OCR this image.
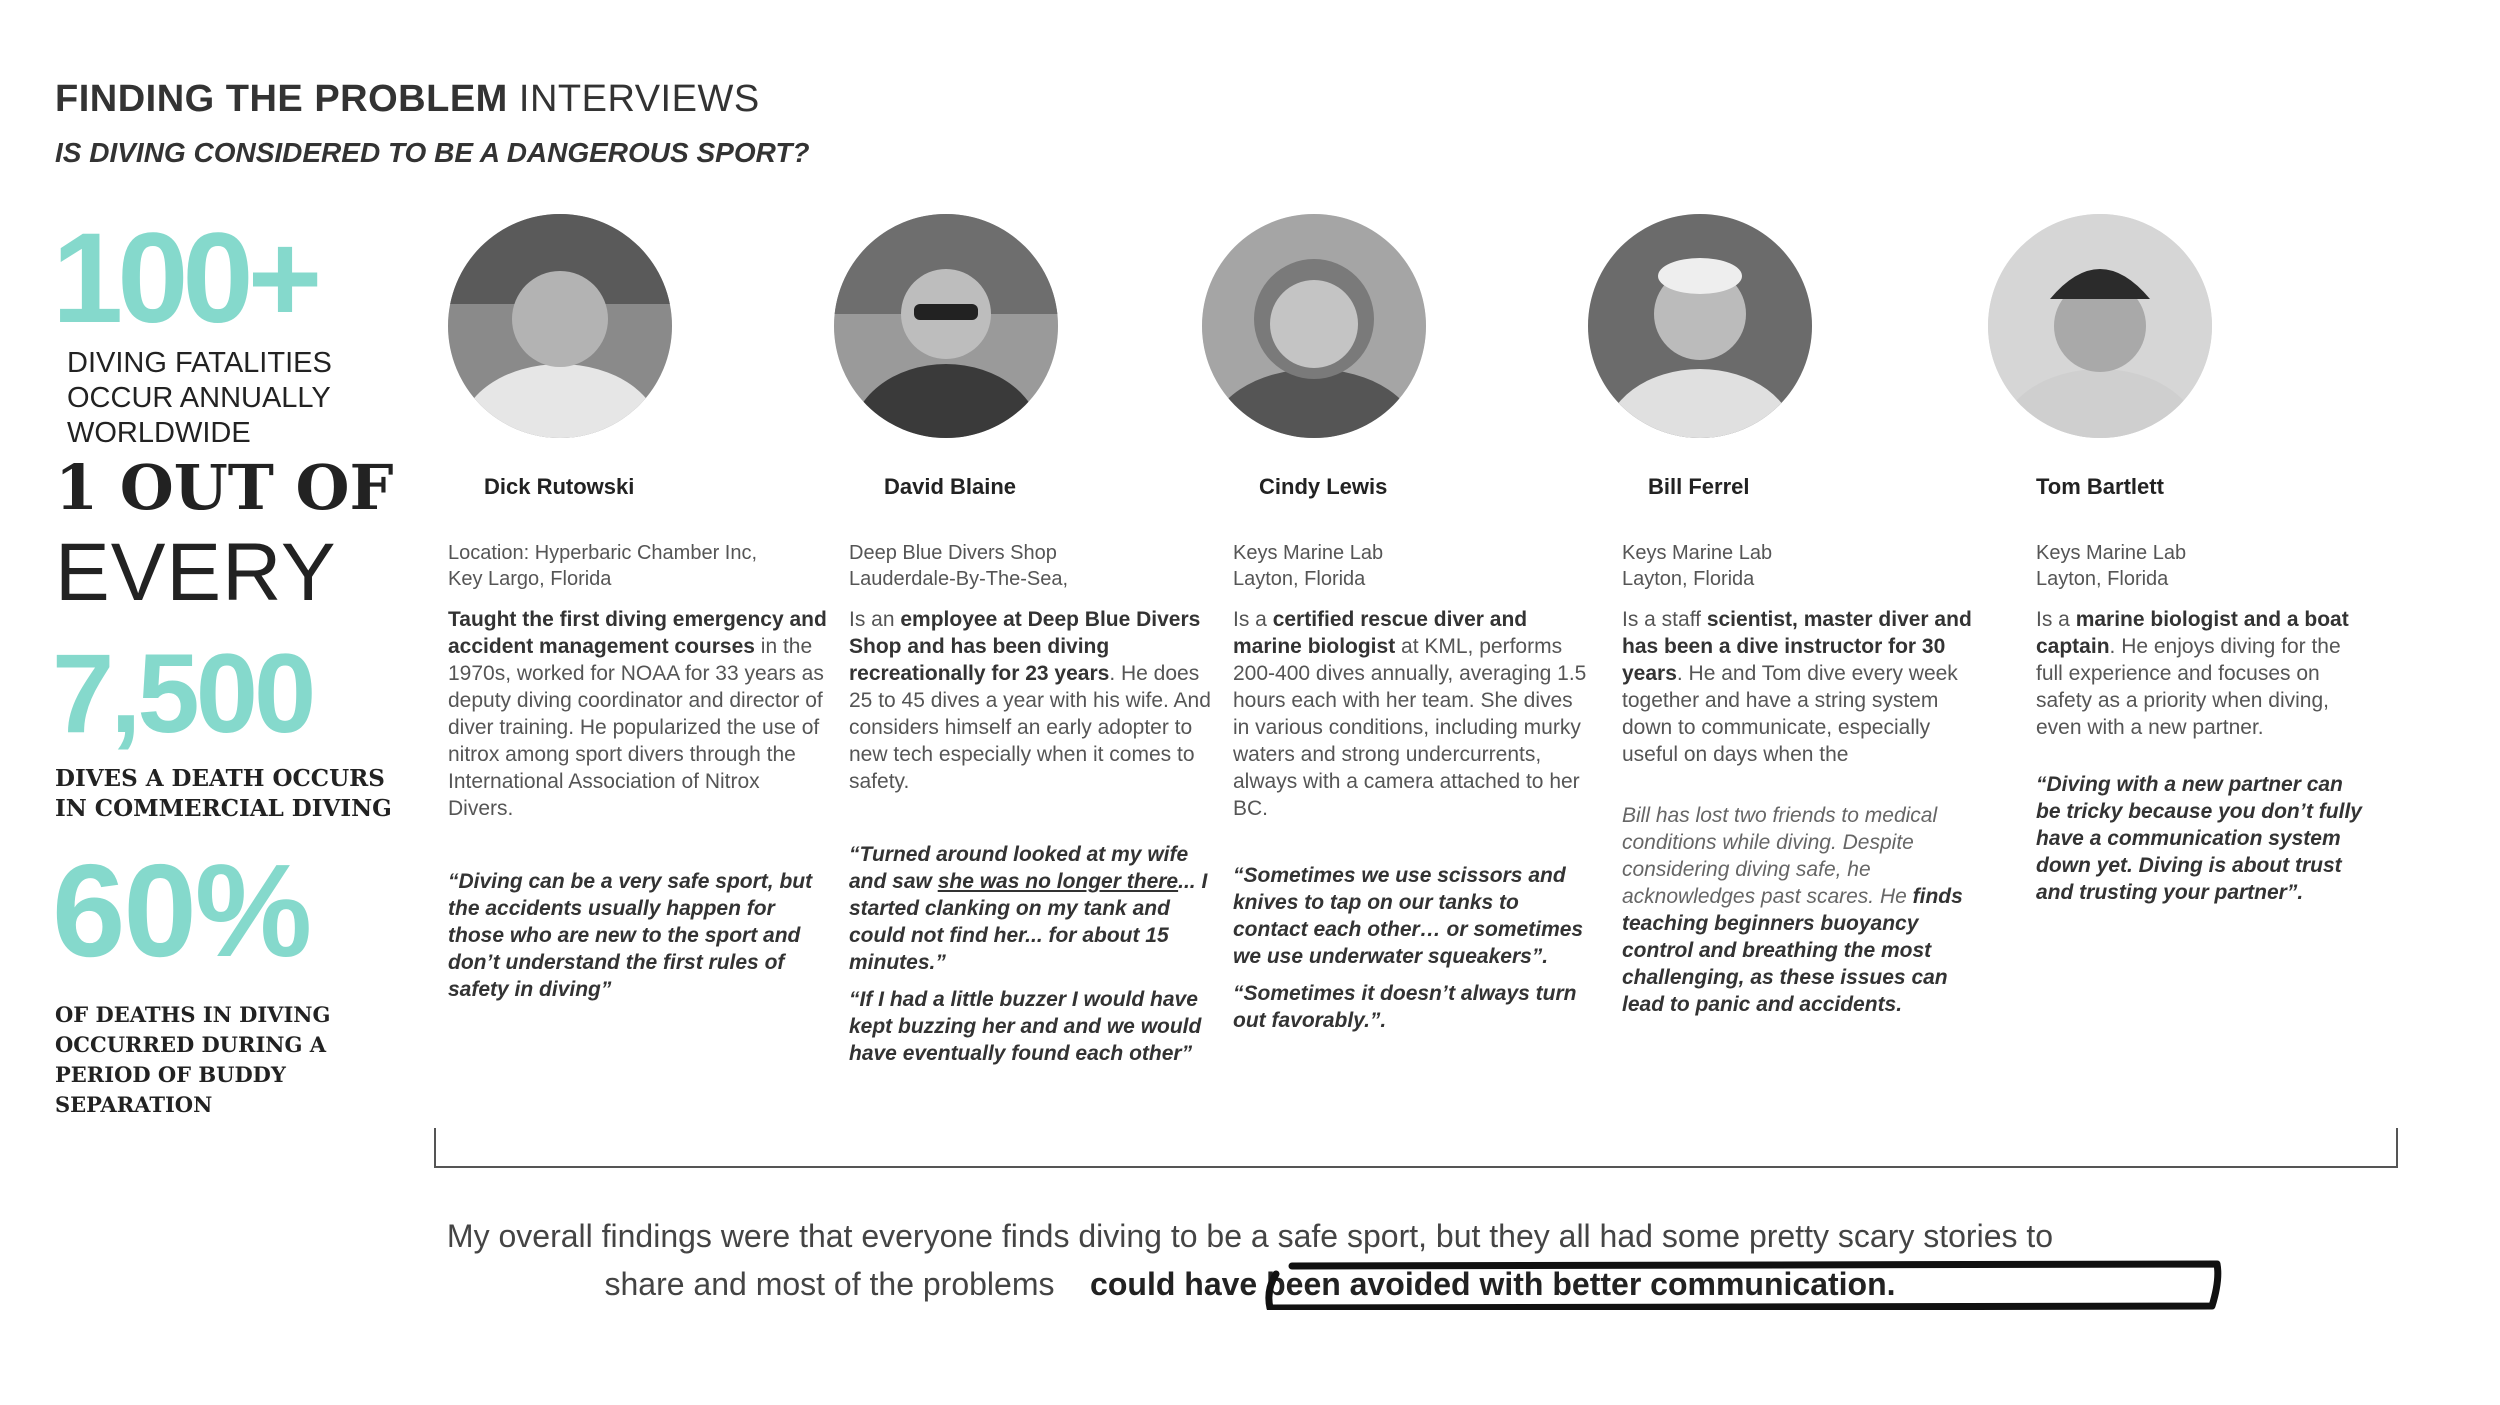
FINDING THE PROBLEM INTERVIEWS
IS DIVING CONSIDERED TO BE A DANGEROUS SPORT?
100+
DIVING FATALITIES
OCCUR ANNUALLY
WORLDWIDE
1 OUT OF
EVERY
7,500
DIVES A DEATH OCCURS
IN COMMERCIAL DIVING
60%
OF DEATHS IN DIVING
OCCURRED DURING A
PERIOD OF BUDDY
SEPARATION
Dick Rutowski	David Blaine	Cindy Lewis	Bill Ferrel	Tom Bartlett
Location: Hyperbaric Chamber Inc,
Key Largo, Florida
Taught the first diving emergency and accident management courses in the 1970s, worked for NOAA for 33 years as deputy diving coordinator and director of diver training. He popularized the use of nitrox among sport divers through the International Association of Nitrox Divers.
“Diving can be a very safe sport, but the accidents usually happen for those who are new to the sport and don’t understand the first rules of safety in diving”
Deep Blue Divers Shop
Lauderdale-By-The-Sea,
Is an employee at Deep Blue Divers Shop and has been diving recreationally for 23 years. He does 25 to 45 dives a year with his wife. And considers himself an early adopter to new tech especially when it comes to safety.
“Turned around looked at my wife and saw she was no longer there... I started clanking on my tank and could not find her... for about 15 minutes.”
“If I had a little buzzer I would have kept buzzing her and and we would have eventually found each other”
Keys Marine Lab
Layton, Florida
Is a certified rescue diver and marine biologist at KML, performs 200-400 dives annually, averaging 1.5 hours each with her team. She dives in various conditions, including murky waters and strong undercurrents, always with a camera attached to her BC.
“Sometimes we use scissors and knives to tap on our tanks to contact each other… or sometimes we use underwater squeakers”.
“Sometimes it doesn’t always turn out favorably.”.
Keys Marine Lab
Layton, Florida
Is a staff scientist, master diver and has been a dive instructor for 30 years. He and Tom dive every week together and have a string system down to communicate, especially useful on days when the
Bill has lost two friends to medical conditions while diving. Despite considering diving safe, he acknowledges past scares. He finds teaching beginners buoyancy control and breathing the most challenging, as these issues can lead to panic and accidents.
Keys Marine Lab
Layton, Florida
Is a marine biologist and a boat captain. He enjoys diving for the full experience and focuses on safety as a priority when diving, even with a new partner.
“Diving with a new partner can be tricky because you don’t fully have a communication system down yet. Diving is about trust and trusting your partner”.
My overall findings were that everyone finds diving to be a safe sport, but they all had some pretty scary stories to
share and most of the problems could have been avoided with better communication.
